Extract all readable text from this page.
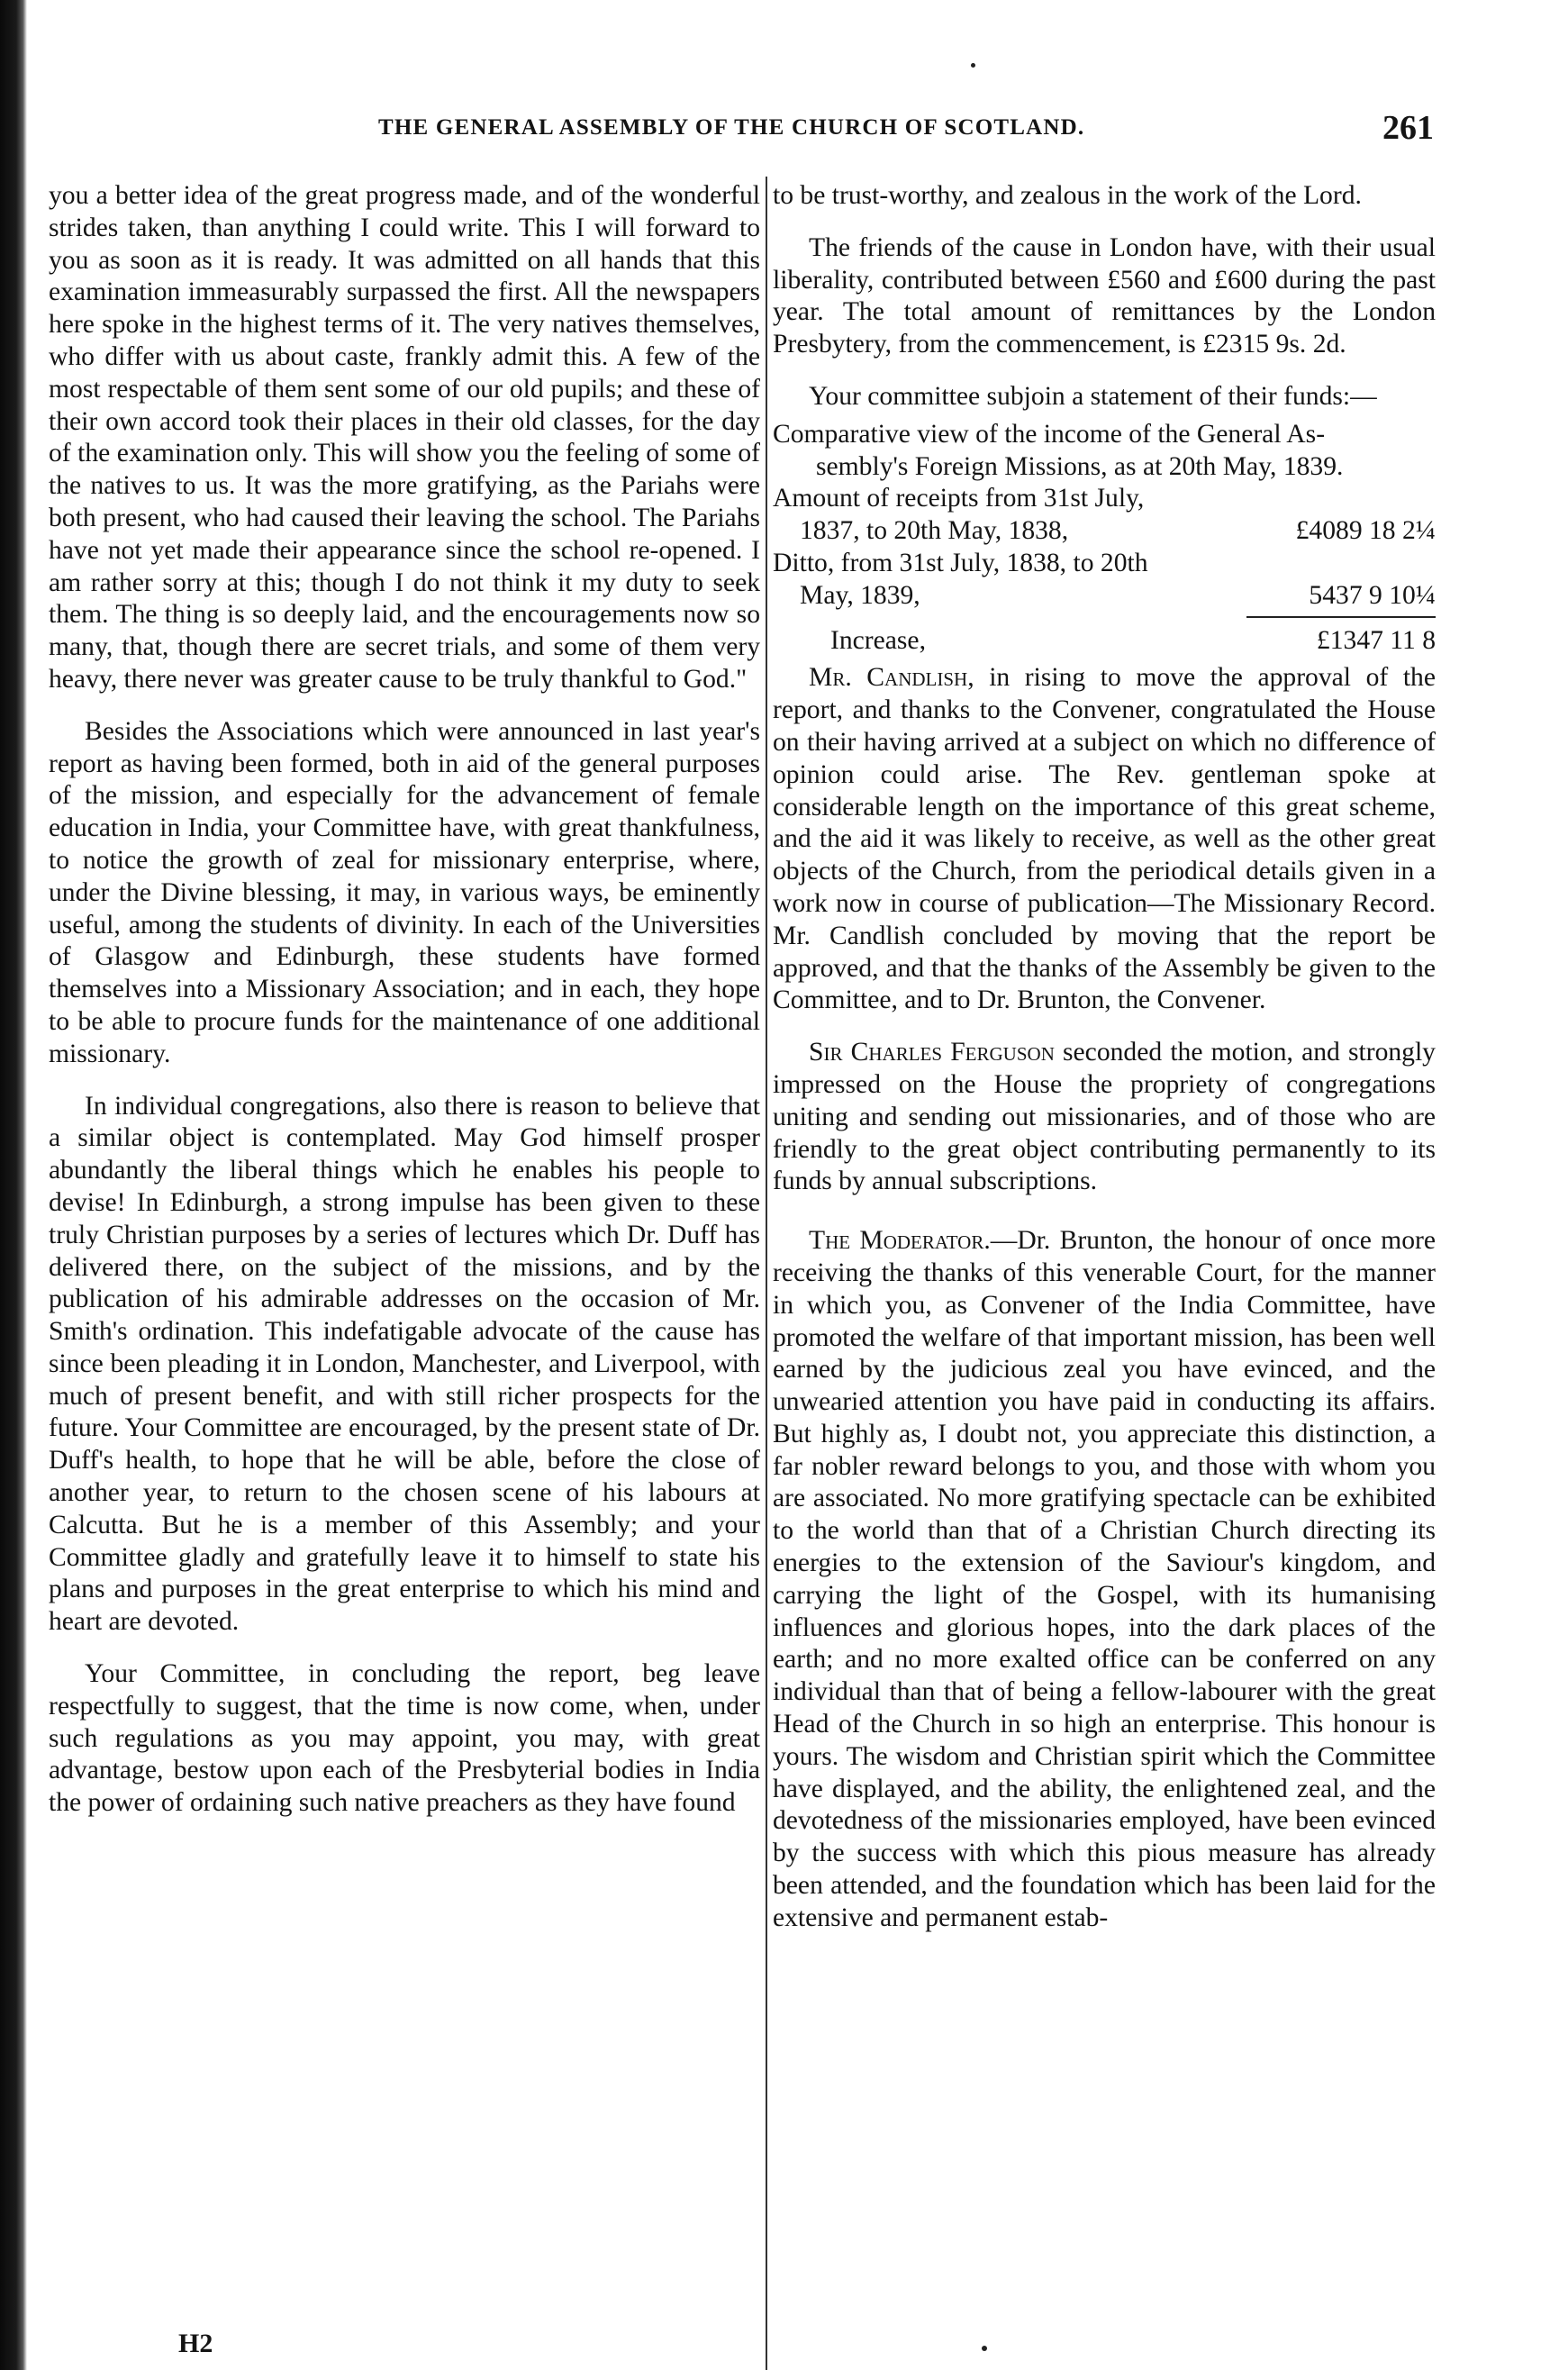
THE GENERAL ASSEMBLY OF THE CHURCH OF SCOTLAND.	261

you a better idea of the great progress made, and of the wonderful strides taken, than anything I could write. This I will forward to you as soon as it is ready. It was admitted on all hands that this examination immeasurably surpassed the first. All the newspapers here spoke in the highest terms of it. The very natives themselves, who differ with us about caste, frankly admit this. A few of the most respectable of them sent some of our old pupils; and these of their own accord took their places in their old classes, for the day of the examination only. This will show you the feeling of some of the natives to us. It was the more gratifying, as the Pariahs were both present, who had caused their leaving the school. The Pariahs have not yet made their appearance since the school re-opened. I am rather sorry at this; though I do not think it my duty to seek them. The thing is so deeply laid, and the encouragements now so many, that, though there are secret trials, and some of them very heavy, there never was greater cause to be truly thankful to God."

Besides the Associations which were announced in last year's report as having been formed, both in aid of the general purposes of the mission, and especially for the advancement of female education in India, your Committee have, with great thankfulness, to notice the growth of zeal for missionary enterprise, where, under the Divine blessing, it may, in various ways, be eminently useful, among the students of divinity. In each of the Universities of Glasgow and Edinburgh, these students have formed themselves into a Missionary Association; and in each, they hope to be able to procure funds for the maintenance of one additional missionary.

In individual congregations, also there is reason to believe that a similar object is contemplated. May God himself prosper abundantly the liberal things which he enables his people to devise! In Edinburgh, a strong impulse has been given to these truly Christian purposes by a series of lectures which Dr. Duff has delivered there, on the subject of the missions, and by the publication of his admirable addresses on the occasion of Mr. Smith's ordination. This indefatigable advocate of the cause has since been pleading it in London, Manchester, and Liverpool, with much of present benefit, and with still richer prospects for the future. Your Committee are encouraged, by the present state of Dr. Duff's health, to hope that he will be able, before the close of another year, to return to the chosen scene of his labours at Calcutta. But he is a member of this Assembly; and your Committee gladly and gratefully leave it to himself to state his plans and purposes in the great enterprise to which his mind and heart are devoted.

Your Committee, in concluding the report, beg leave respectfully to suggest, that the time is now come, when, under such regulations as you may appoint, you may, with great advantage, bestow upon each of the Presbyterial bodies in India the power of ordaining such native preachers as they have found

H2

to be trust-worthy, and zealous in the work of the Lord.

The friends of the cause in London have, with their usual liberality, contributed between £560 and £600 during the past year. The total amount of remittances by the London Presbytery, from the commencement, is £2315 9s. 2d.

Your committee subjoin a statement of their funds:—

Comparative view of the income of the General As-
sembly's Foreign Missions, as at 20th May, 1839.
Amount of receipts from 31st July,
1837, to 20th May, 1838,	£4089 18 2¼
Ditto, from 31st July, 1838, to 20th
May, 1839,	5437 9 10¼
Increase,	£1347 11 8

Mr. Candlish, in rising to move the approval of the report, and thanks to the Convener, congratulated the House on their having arrived at a subject on which no difference of opinion could arise. The Rev. gentleman spoke at considerable length on the importance of this great scheme, and the aid it was likely to receive, as well as the other great objects of the Church, from the periodical details given in a work now in course of publication—The Missionary Record. Mr. Candlish concluded by moving that the report be approved, and that the thanks of the Assembly be given to the Committee, and to Dr. Brunton, the Convener.

Sir Charles Ferguson seconded the motion, and strongly impressed on the House the propriety of congregations uniting and sending out missionaries, and of those who are friendly to the great object contributing permanently to its funds by annual subscriptions.

The Moderator.—Dr. Brunton, the honour of once more receiving the thanks of this venerable Court, for the manner in which you, as Convener of the India Committee, have promoted the welfare of that important mission, has been well earned by the judicious zeal you have evinced, and the unwearied attention you have paid in conducting its affairs. But highly as, I doubt not, you appreciate this distinction, a far nobler reward belongs to you, and those with whom you are associated. No more gratifying spectacle can be exhibited to the world than that of a Christian Church directing its energies to the extension of the Saviour's kingdom, and carrying the light of the Gospel, with its humanising influences and glorious hopes, into the dark places of the earth; and no more exalted office can be conferred on any individual than that of being a fellow-labourer with the great Head of the Church in so high an enterprise. This honour is yours. The wisdom and Christian spirit which the Committee have displayed, and the ability, the enlightened zeal, and the devotedness of the missionaries employed, have been evinced by the success with which this pious measure has already been attended, and the foundation which has been laid for the extensive and permanent estab-
